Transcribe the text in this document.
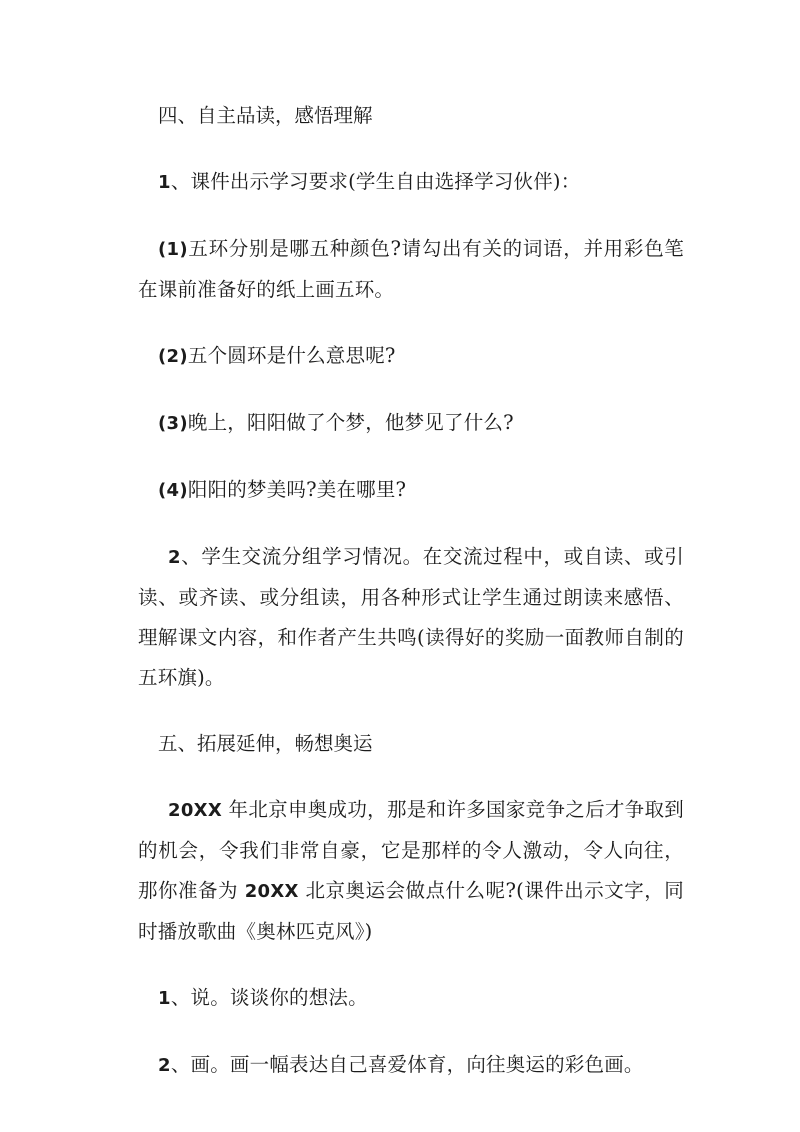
四、自主品读，感悟理解

1、课件出示学习要求(学生自由选择学习伙伴)：

(1)五环分别是哪五种颜色?请勾出有关的词语，并用彩色笔在课前准备好的纸上画五环。

(2)五个圆环是什么意思呢?

(3)晚上，阳阳做了个梦，他梦见了什么?

(4)阳阳的梦美吗?美在哪里?

2、学生交流分组学习情况。在交流过程中，或自读、或引读、或齐读、或分组读，用各种形式让学生通过朗读来感悟、理解课文内容，和作者产生共鸣(读得好的奖励一面教师自制的五环旗)。

五、拓展延伸，畅想奥运

20XX 年北京申奥成功，那是和许多国家竞争之后才争取到的机会，令我们非常自豪，它是那样的令人激动，令人向往，那你准备为 20XX 北京奥运会做点什么呢?(课件出示文字，同时播放歌曲《奥林匹克风》)

1、说。谈谈你的想法。

2、画。画一幅表达自己喜爱体育，向往奥运的彩色画。
